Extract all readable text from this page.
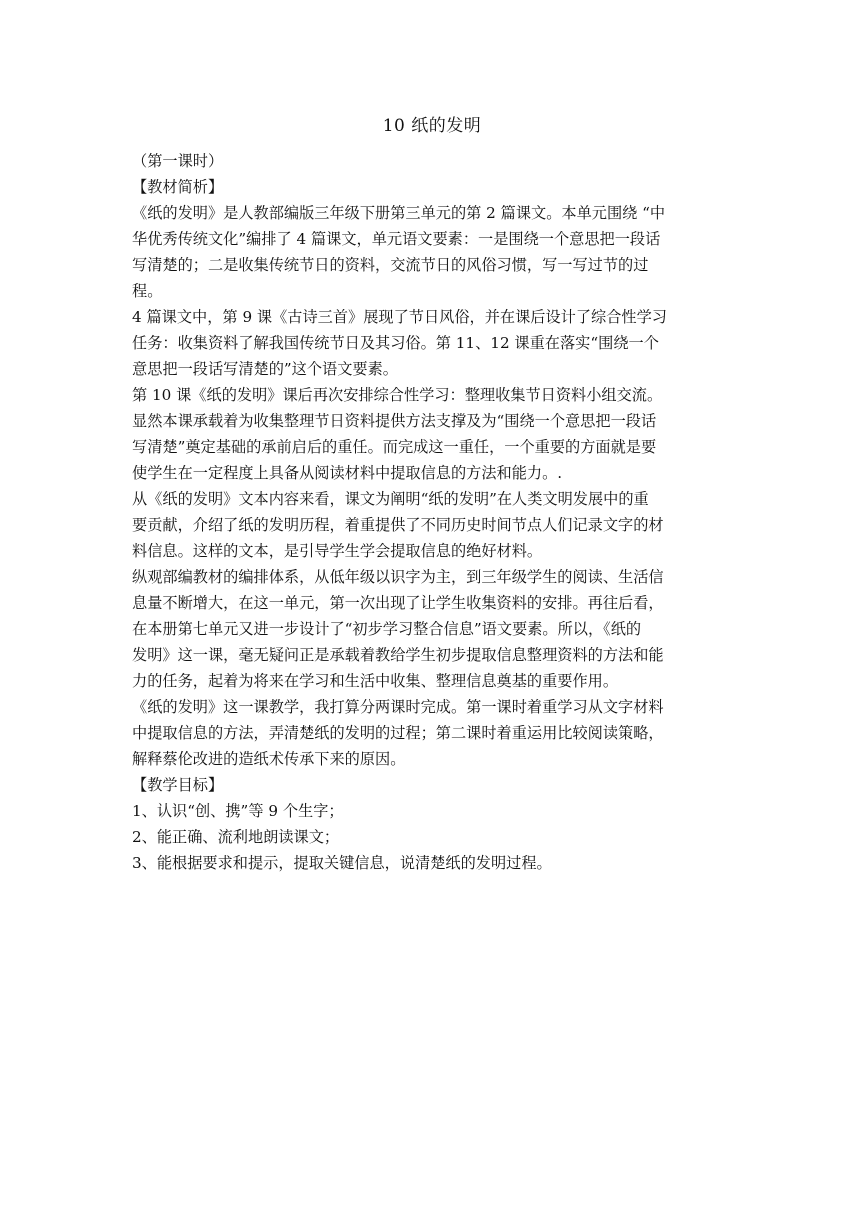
10 纸的发明

（第一课时）

【教材简析】

《纸的发明》是人教部编版三年级下册第三单元的第 2 篇课文。本单元围绕 “中

华优秀传统文化”编排了 4 篇课文，单元语文要素：一是围绕一个意思把一段话

写清楚的；二是收集传统节日的资料，交流节日的风俗习惯，写一写过节的过

程。

4 篇课文中，第 9 课《古诗三首》展现了节日风俗，并在课后设计了综合性学习

任务：收集资料了解我国传统节日及其习俗。第 11、12 课重在落实“围绕一个

意思把一段话写清楚的”这个语文要素。

第 10 课《纸的发明》课后再次安排综合性学习：整理收集节日资料小组交流。

显然本课承载着为收集整理节日资料提供方法支撑及为“围绕一个意思把一段话

写清楚”奠定基础的承前启后的重任。而完成这一重任，一个重要的方面就是要

使学生在一定程度上具备从阅读材料中提取信息的方法和能力。.

从《纸的发明》文本内容来看，课文为阐明“纸的发明”在人类文明发展中的重

要贡献，介绍了纸的发明历程，着重提供了不同历史时间节点人们记录文字的材

料信息。这样的文本，是引导学生学会提取信息的绝好材料。

纵观部编教材的编排体系，从低年级以识字为主，到三年级学生的阅读、生活信

息量不断增大，在这一单元，第一次出现了让学生收集资料的安排。再往后看，

在本册第七单元又进一步设计了“初步学习整合信息”语文要素。所以，《纸的

发明》这一课，毫无疑问正是承载着教给学生初步提取信息整理资料的方法和能

力的任务，起着为将来在学习和生活中收集、整理信息奠基的重要作用。

《纸的发明》这一课教学，我打算分两课时完成。第一课时着重学习从文字材料

中提取信息的方法，弄清楚纸的发明的过程；第二课时着重运用比较阅读策略，

解释蔡伦改进的造纸术传承下来的原因。

【教学目标】

1、认识“创、携”等 9 个生字；

2、能正确、流利地朗读课文；

3、能根据要求和提示，提取关键信息，说清楚纸的发明过程。
